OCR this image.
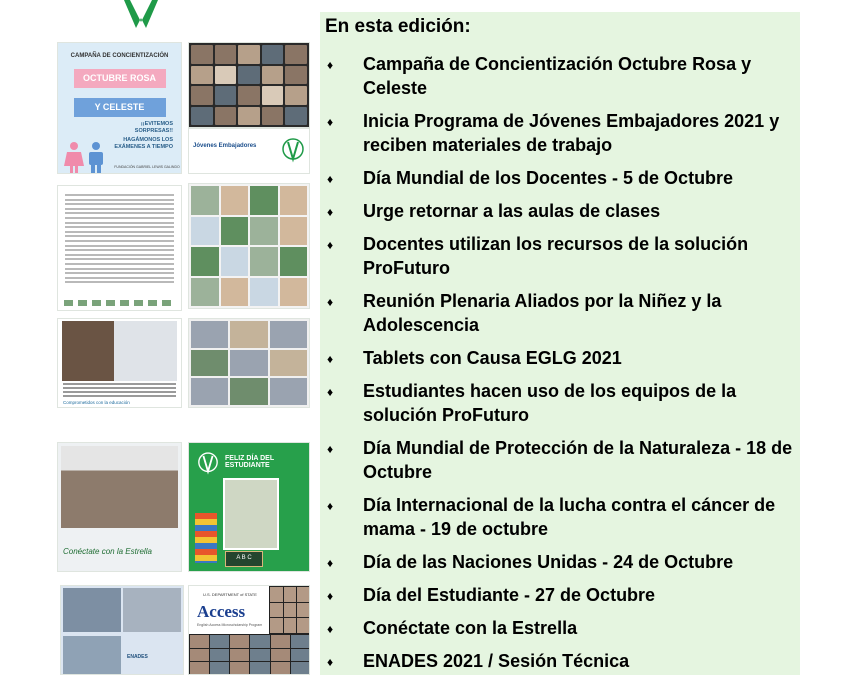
CAMPAÑA DE CONCIENTIZACIÓN
OCTUBRE ROSA
Y CELESTE
¡¡EVITEMOS
SORPRESAS!!
HAGÁMONOS LOS
EXÁMENES A TIEMPO
FUNDACIÓN GABRIEL LEWIS GALINDO
Jóvenes Embajadores
Comprometidos con la educación
Conéctate con la Estrella
FELIZ DÍA DEL ESTUDIANTE
A B C
ENADES
U.S. DEPARTMENT of STATE
Access
English Access Microscholarship Program
En esta edición:
♦ Campaña de Concientización Octubre Rosa y Celeste
♦ Inicia Programa de Jóvenes Embajadores 2021 y reciben materiales de trabajo
♦ Día Mundial de los Docentes - 5 de Octubre
♦ Urge retornar a las aulas de clases
♦ Docentes utilizan los recursos de la solución ProFuturo
♦ Reunión Plenaria Aliados por la Niñez y la Adolescencia
♦ Tablets con Causa EGLG 2021
♦ Estudiantes hacen uso de los equipos de la solución ProFuturo
♦ Día Mundial de Protección de la Naturaleza - 18 de Octubre
♦ Día Internacional de la lucha contra el cáncer de mama - 19 de octubre
♦ Día de las Naciones Unidas - 24 de Octubre
♦ Día del Estudiante - 27 de Octubre
♦ Conéctate con la Estrella
♦ ENADES 2021 / Sesión Técnica
